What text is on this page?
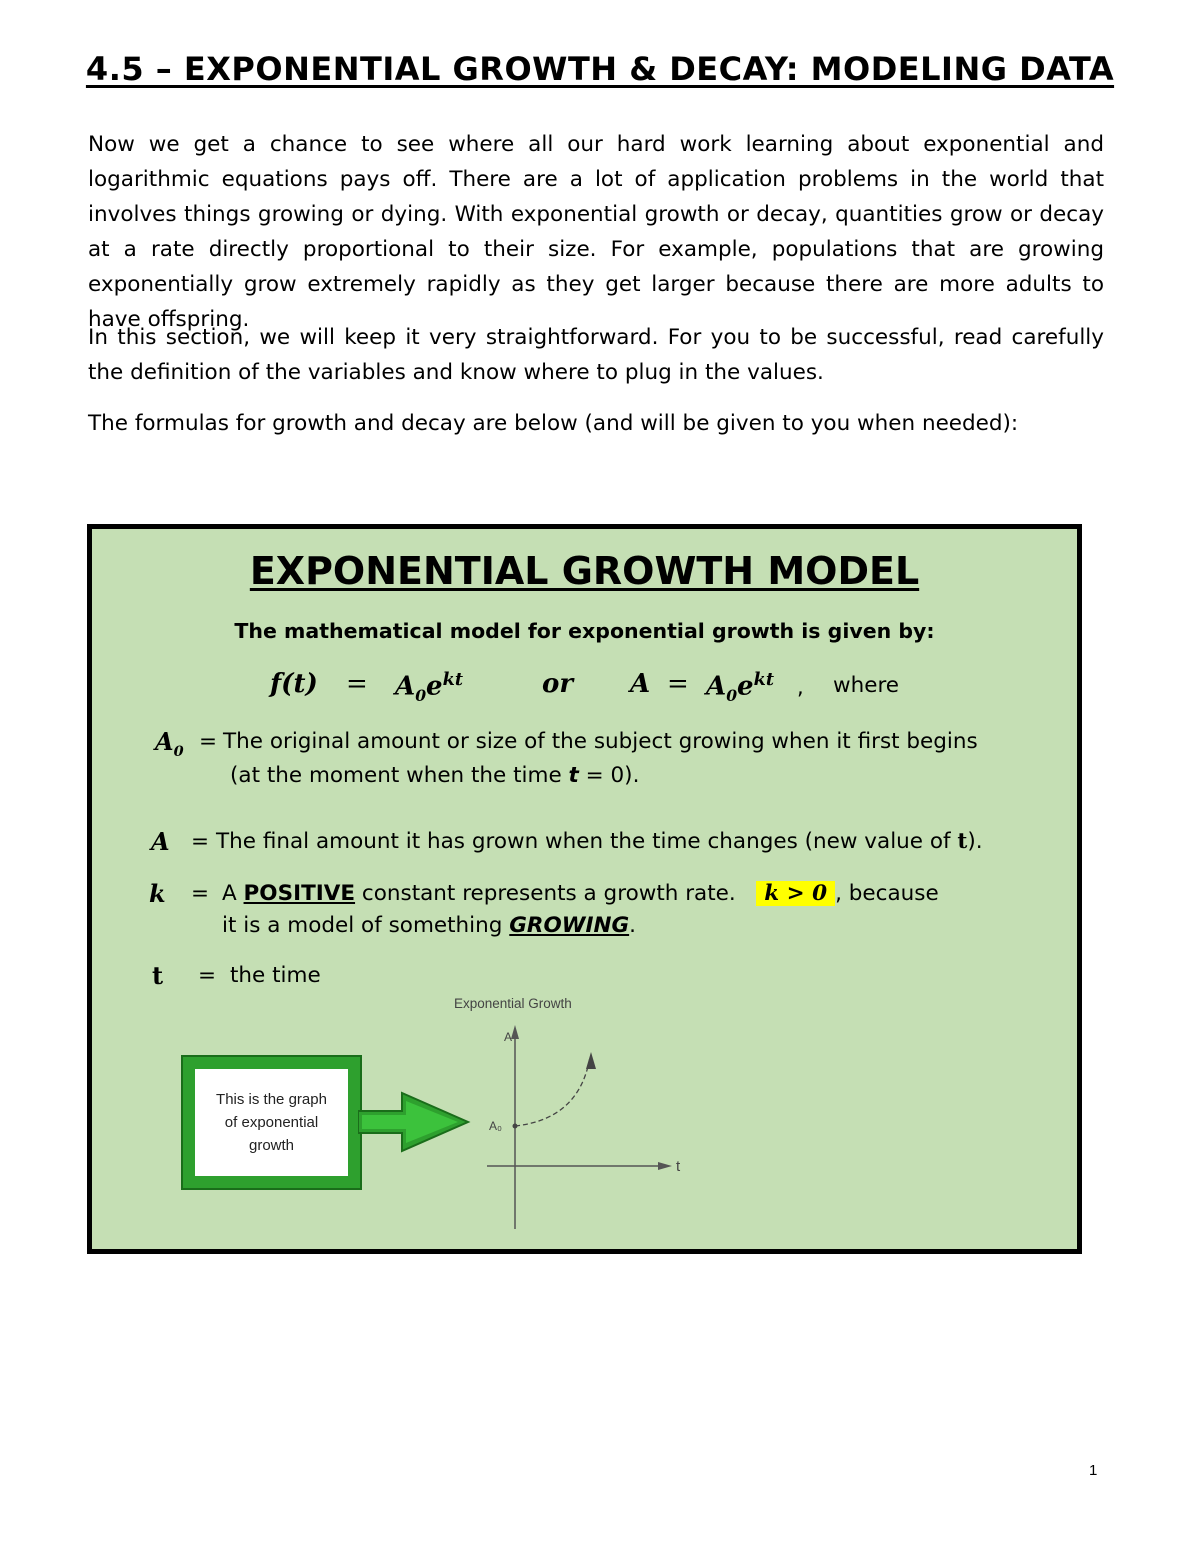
4.5 – EXPONENTIAL GROWTH & DECAY: MODELING DATA

Now we get a chance to see where all our hard work learning about exponential and logarithmic equations pays off. There are a lot of application problems in the world that involves things growing or dying. With exponential growth or decay, quantities grow or decay at a rate directly proportional to their size. For example, populations that are growing exponentially grow extremely rapidly as they get larger because there are more adults to have offspring.

In this section, we will keep it very straightforward. For you to be successful, read carefully the definition of the variables and know where to plug in the values.

The formulas for growth and decay are below (and will be given to you when needed):

EXPONENTIAL GROWTH MODEL
The mathematical model for exponential growth is given by:
$f(t) = A_0e^{kt}$	or $A = A_0e^{kt}$ , where
$A_0$ = The original amount or size of the subject growing when it first begins
(at the moment when the time t = 0).
A = The final amount it has grown when the time changes (new value of t).
k = A POSITIVE constant represents a growth rate. k > 0 , because
it is a model of something GROWING.
t = the time
Exponential Growth
This is the graph of exponential growth
A
A₀
t
1
